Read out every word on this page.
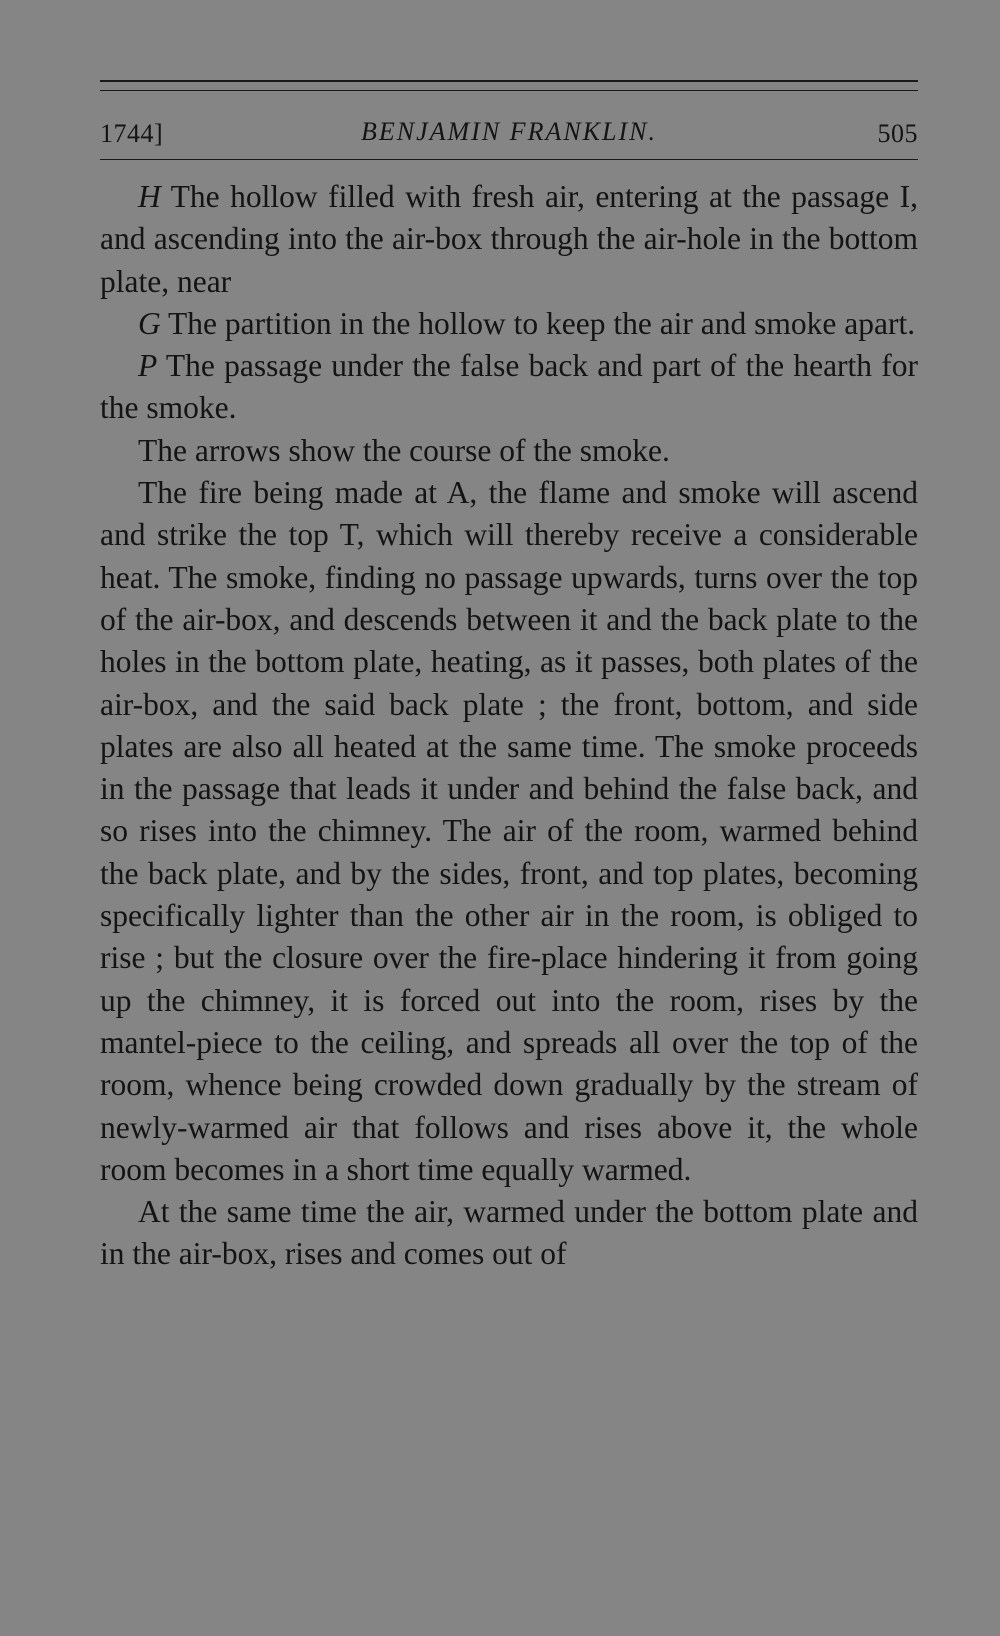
1744]	BENJAMIN FRANKLIN.	505

H The hollow filled with fresh air, entering at the passage I, and ascending into the air-box through the air-hole in the bottom plate, near

G The partition in the hollow to keep the air and smoke apart.

P The passage under the false back and part of the hearth for the smoke.

The arrows show the course of the smoke.

The fire being made at A, the flame and smoke will ascend and strike the top T, which will thereby receive a considerable heat. The smoke, finding no passage upwards, turns over the top of the air-box, and descends between it and the back plate to the holes in the bottom plate, heating, as it passes, both plates of the air-box, and the said back plate ; the front, bottom, and side plates are also all heated at the same time. The smoke proceeds in the passage that leads it under and behind the false back, and so rises into the chimney. The air of the room, warmed behind the back plate, and by the sides, front, and top plates, becoming specifically lighter than the other air in the room, is obliged to rise ; but the closure over the fire-place hindering it from going up the chimney, it is forced out into the room, rises by the mantel-piece to the ceiling, and spreads all over the top of the room, whence being crowded down gradually by the stream of newly-warmed air that follows and rises above it, the whole room becomes in a short time equally warmed.

At the same time the air, warmed under the bottom plate and in the air-box, rises and comes out of
